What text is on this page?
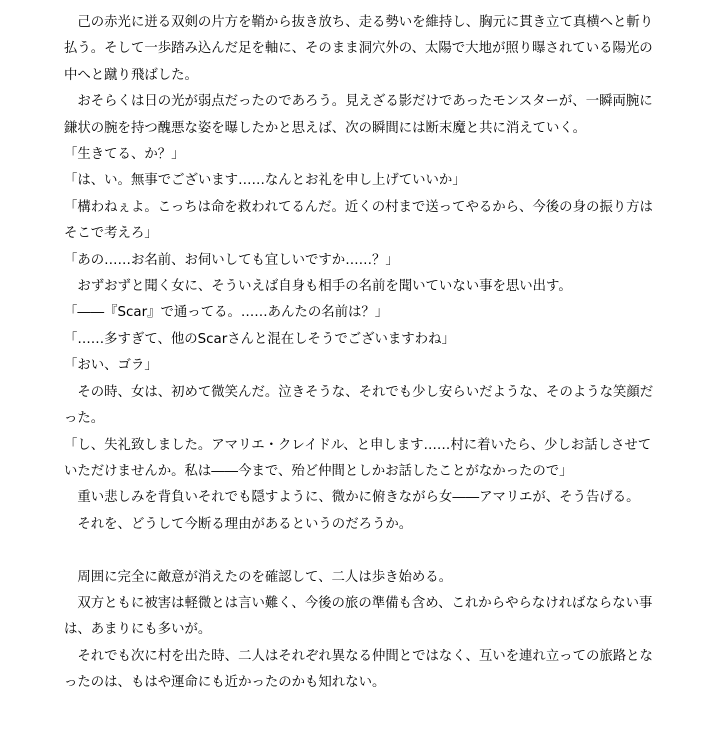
　己の赤光に迸る双剣の片方を鞘から抜き放ち、走る勢いを維持し、胸元に貫き立て真横へと斬り払う。そして一歩踏み込んだ足を軸に、そのまま洞穴外の、太陽で大地が照り曝されている陽光の中へと蹴り飛ばした。

　おそらくは日の光が弱点だったのであろう。見えざる影だけであったモンスターが、一瞬両腕に鎌状の腕を持つ醜悪な姿を曝したかと思えば、次の瞬間には断末魔と共に消えていく。

「生きてる、か？」

「は、い。無事でございます……なんとお礼を申し上げていいか」

「構わねぇよ。こっちは命を救われてるんだ。近くの村まで送ってやるから、今後の身の振り方はそこで考えろ」

「あの……お名前、お伺いしても宜しいですか……？」

　おずおずと聞く女に、そういえば自身も相手の名前を聞いていない事を思い出す。

「――『Scar』で通ってる。……あんたの名前は？」

「……多すぎて、他のScarさんと混在しそうでございますわね」

「おい、ゴラ」

　その時、女は、初めて微笑んだ。泣きそうな、それでも少し安らいだような、そのような笑顔だった。

「し、失礼致しました。アマリエ・クレイドル、と申します……村に着いたら、少しお話しさせていただけませんか。私は――今まで、殆ど仲間としかお話したことがなかったので」

　重い悲しみを背負いそれでも隠すように、微かに俯きながら女――アマリエが、そう告げる。

　それを、どうして今断る理由があるというのだろうか。

　周囲に完全に敵意が消えたのを確認して、二人は歩き始める。

　双方ともに被害は軽微とは言い難く、今後の旅の準備も含め、これからやらなければならない事は、あまりにも多いが。

　それでも次に村を出た時、二人はそれぞれ異なる仲間とではなく、互いを連れ立っての旅路となったのは、もはや運命にも近かったのかも知れない。
